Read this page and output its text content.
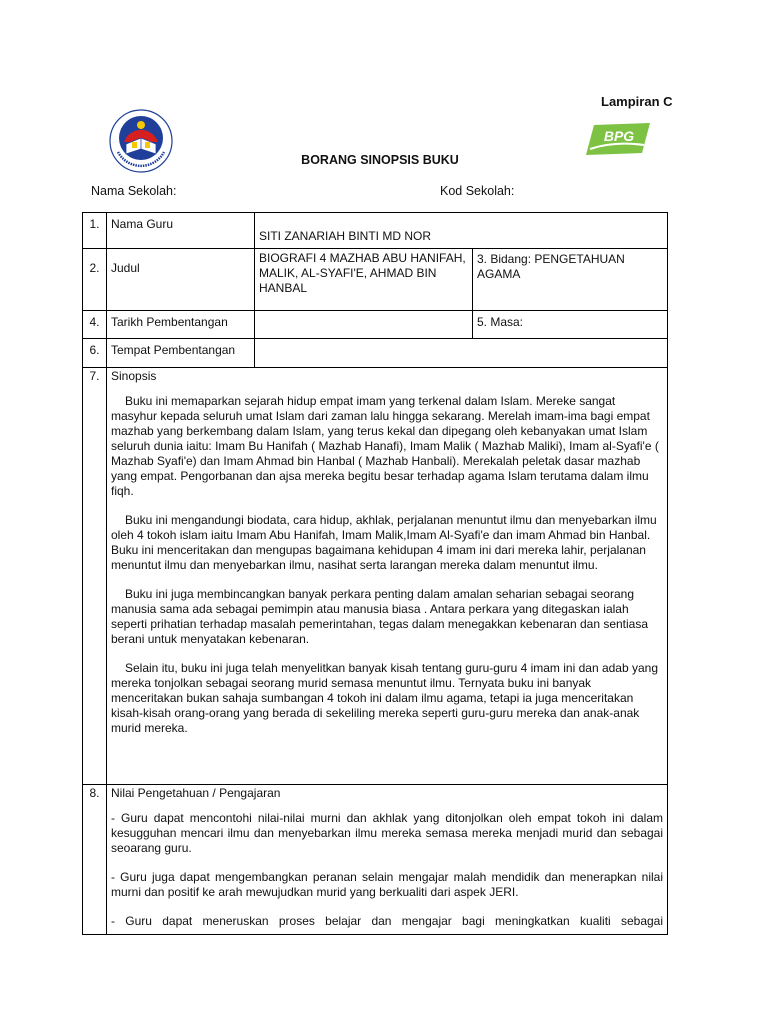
Lampiran C
BPG
BORANG SINOPSIS BUKU
Nama Sekolah:	Kod Sekolah:
1.	Nama Guru	SITI ZANARIAH BINTI MD NOR	
2.	Judul	BIOGRAFI 4 MAZHAB ABU HANIFAH, MALIK, AL-SYAFI'E, AHMAD BIN HANBAL	3. Bidang: PENGETAHUAN AGAMA
4.	Tarikh Pembentangan		5. Masa:
6.	Tempat Pembentangan		
7.	Sinopsis

Buku ini memaparkan sejarah hidup empat imam yang terkenal dalam Islam. Mereke sangat masyhur kepada seluruh umat Islam dari zaman lalu hingga sekarang. Merelah imam-ima bagi empat mazhab yang berkembang dalam Islam, yang terus kekal dan dipegang oleh kebanyakan umat Islam seluruh dunia iaitu: Imam Bu Hanifah ( Mazhab Hanafi), Imam Malik ( Mazhab Maliki), Imam al-Syafi'e ( Mazhab Syafi'e) dan Imam Ahmad bin Hanbal ( Mazhab Hanbali). Merekalah peletak dasar mazhab yang empat. Pengorbanan dan ajsa mereka begitu besar terhadap agama Islam terutama dalam ilmu fiqh.

Buku ini mengandungi biodata, cara hidup, akhlak, perjalanan menuntut ilmu dan menyebarkan ilmu oleh 4 tokoh islam iaitu Imam Abu Hanifah, Imam Malik,Imam Al-Syafi'e dan imam Ahmad bin Hanbal. Buku ini menceritakan dan mengupas bagaimana kehidupan 4 imam ini dari mereka lahir, perjalanan menuntut ilmu dan menyebarkan ilmu, nasihat serta larangan mereka dalam menuntut ilmu.

Buku ini juga membincangkan banyak perkara penting dalam amalan seharian sebagai seorang manusia sama ada sebagai pemimpin atau manusia biasa . Antara perkara yang ditegaskan ialah seperti prihatian terhadap masalah pemerintahan, tegas dalam menegakkan kebenaran dan sentiasa berani untuk menyatakan kebenaran.

Selain itu, buku ini juga telah menyelitkan banyak kisah tentang guru-guru 4 imam ini dan adab yang mereka tonjolkan sebagai seorang murid semasa menuntut ilmu. Ternyata buku ini banyak menceritakan bukan sahaja sumbangan 4 tokoh ini dalam ilmu agama, tetapi ia juga menceritakan kisah-kisah orang-orang yang berada di sekeliling mereka seperti guru-guru mereka dan anak-anak murid mereka.		

8.	Nilai Pengetahuan / Pengajaran

- Guru dapat mencontohi nilai-nilai murni dan akhlak yang ditonjolkan oleh empat tokoh ini dalam kesugguhan mencari ilmu dan menyebarkan ilmu mereka semasa mereka menjadi murid dan sebagai seoarang guru.

- Guru juga dapat mengembangkan peranan selain mengajar malah mendidik dan menerapkan nilai murni dan positif ke arah mewujudkan murid yang berkualiti dari aspek JERI.

- Guru dapat meneruskan proses belajar dan mengajar bagi meningkatkan kualiti sebagai		
